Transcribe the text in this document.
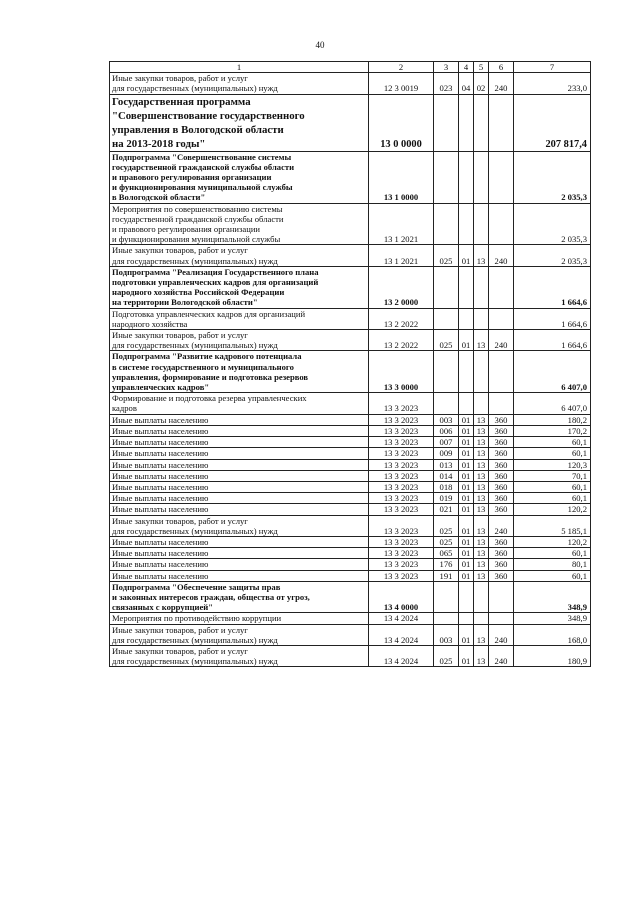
40
1	2	3	4	5	6	7

Иные закупки товаров, работ и услуг
для государственных (муниципальных) нужд	12 3 0019	023	04	02	240	233,0

Государственная программа
"Совершенствование государственного
управления в Вологодской области
на 2013-2018 годы"	13 0 0000					207 817,4

Подпрограмма "Совершенствование системы
государственной гражданской службы области
и правового регулирования организации
и функционирования муниципальной службы
в Вологодской области"	13 1 0000					2 035,3

Мероприятия по совершенствованию системы
государственной гражданской службы области
и правового регулирования организации
и функционирования муниципальной службы	13 1 2021					2 035,3

Иные закупки товаров, работ и услуг
для государственных (муниципальных) нужд	13 1 2021	025	01	13	240	2 035,3

Подпрограмма "Реализация Государственного плана
подготовки управленческих кадров для организаций
народного хозяйства Российской Федерации
на территории Вологодской области"	13 2 0000					1 664,6

Подготовка управленческих кадров для организаций
народного хозяйства	13 2 2022					1 664,6

Иные закупки товаров, работ и услуг
для государственных (муниципальных) нужд	13 2 2022	025	01	13	240	1 664,6

Подпрограмма "Развитие кадрового потенциала
в системе государственного и муниципального
управления, формирование и подготовка резервов
управленческих кадров"	13 3 0000					6 407,0

Формирование и подготовка резерва управленческих
кадров	13 3 2023					6 407,0

Иные выплаты населению	13 3 2023	003	01	13	360	180,2

Иные выплаты населению	13 3 2023	006	01	13	360	170,2

Иные выплаты населению	13 3 2023	007	01	13	360	60,1

Иные выплаты населению	13 3 2023	009	01	13	360	60,1

Иные выплаты населению	13 3 2023	013	01	13	360	120,3

Иные выплаты населению	13 3 2023	014	01	13	360	70,1

Иные выплаты населению	13 3 2023	018	01	13	360	60,1

Иные выплаты населению	13 3 2023	019	01	13	360	60,1

Иные выплаты населению	13 3 2023	021	01	13	360	120,2

Иные закупки товаров, работ и услуг
для государственных (муниципальных) нужд	13 3 2023	025	01	13	240	5 185,1

Иные выплаты населению	13 3 2023	025	01	13	360	120,2

Иные выплаты населению	13 3 2023	065	01	13	360	60,1

Иные выплаты населению	13 3 2023	176	01	13	360	80,1

Иные выплаты населению	13 3 2023	191	01	13	360	60,1

Подпрограмма "Обеспечение защиты прав
и законных интересов граждан, общества от угроз,
связанных с коррупцией"	13 4 0000					348,9

Мероприятия по противодействию коррупции	13 4 2024					348,9

Иные закупки товаров, работ и услуг
для государственных (муниципальных) нужд	13 4 2024	003	01	13	240	168,0

Иные закупки товаров, работ и услуг
для государственных (муниципальных) нужд	13 4 2024	025	01	13	240	180,9
